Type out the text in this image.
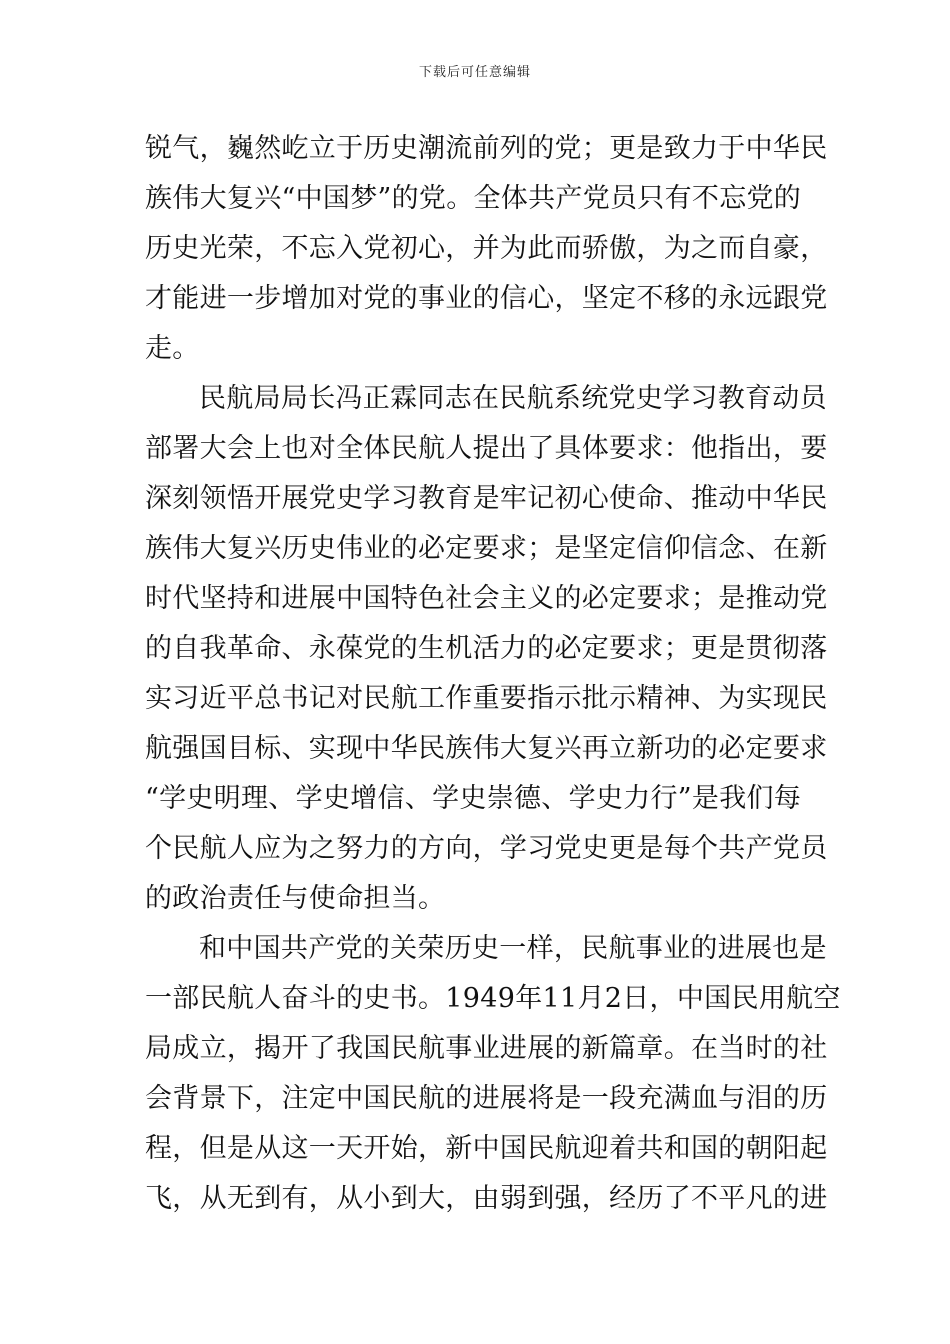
下载后可任意编辑
锐气，巍然屹立于历史潮流前列的党；更是致力于中华民
族伟大复兴“中国梦”的党。全体共产党员只有不忘党的
历史光荣，不忘入党初心，并为此而骄傲，为之而自豪，
才能进一步增加对党的事业的信心，坚定不移的永远跟党
走。
民航局局长冯正霖同志在民航系统党史学习教育动员
部署大会上也对全体民航人提出了具体要求：他指出，要
深刻领悟开展党史学习教育是牢记初心使命、推动中华民
族伟大复兴历史伟业的必定要求；是坚定信仰信念、在新
时代坚持和进展中国特色社会主义的必定要求；是推动党
的自我革命、永葆党的生机活力的必定要求；更是贯彻落
实习近平总书记对民航工作重要指示批示精神、为实现民
航强国目标、实现中华民族伟大复兴再立新功的必定要求
“学史明理、学史增信、学史崇德、学史力行”是我们每
个民航人应为之努力的方向，学习党史更是每个共产党员
的政治责任与使命担当。
和中国共产党的关荣历史一样，民航事业的进展也是
一部民航人奋斗的史书。1949年11月2日，中国民用航空
局成立，揭开了我国民航事业进展的新篇章。在当时的社
会背景下，注定中国民航的进展将是一段充满血与泪的历
程，但是从这一天开始，新中国民航迎着共和国的朝阳起
飞，从无到有，从小到大，由弱到强，经历了不平凡的进
